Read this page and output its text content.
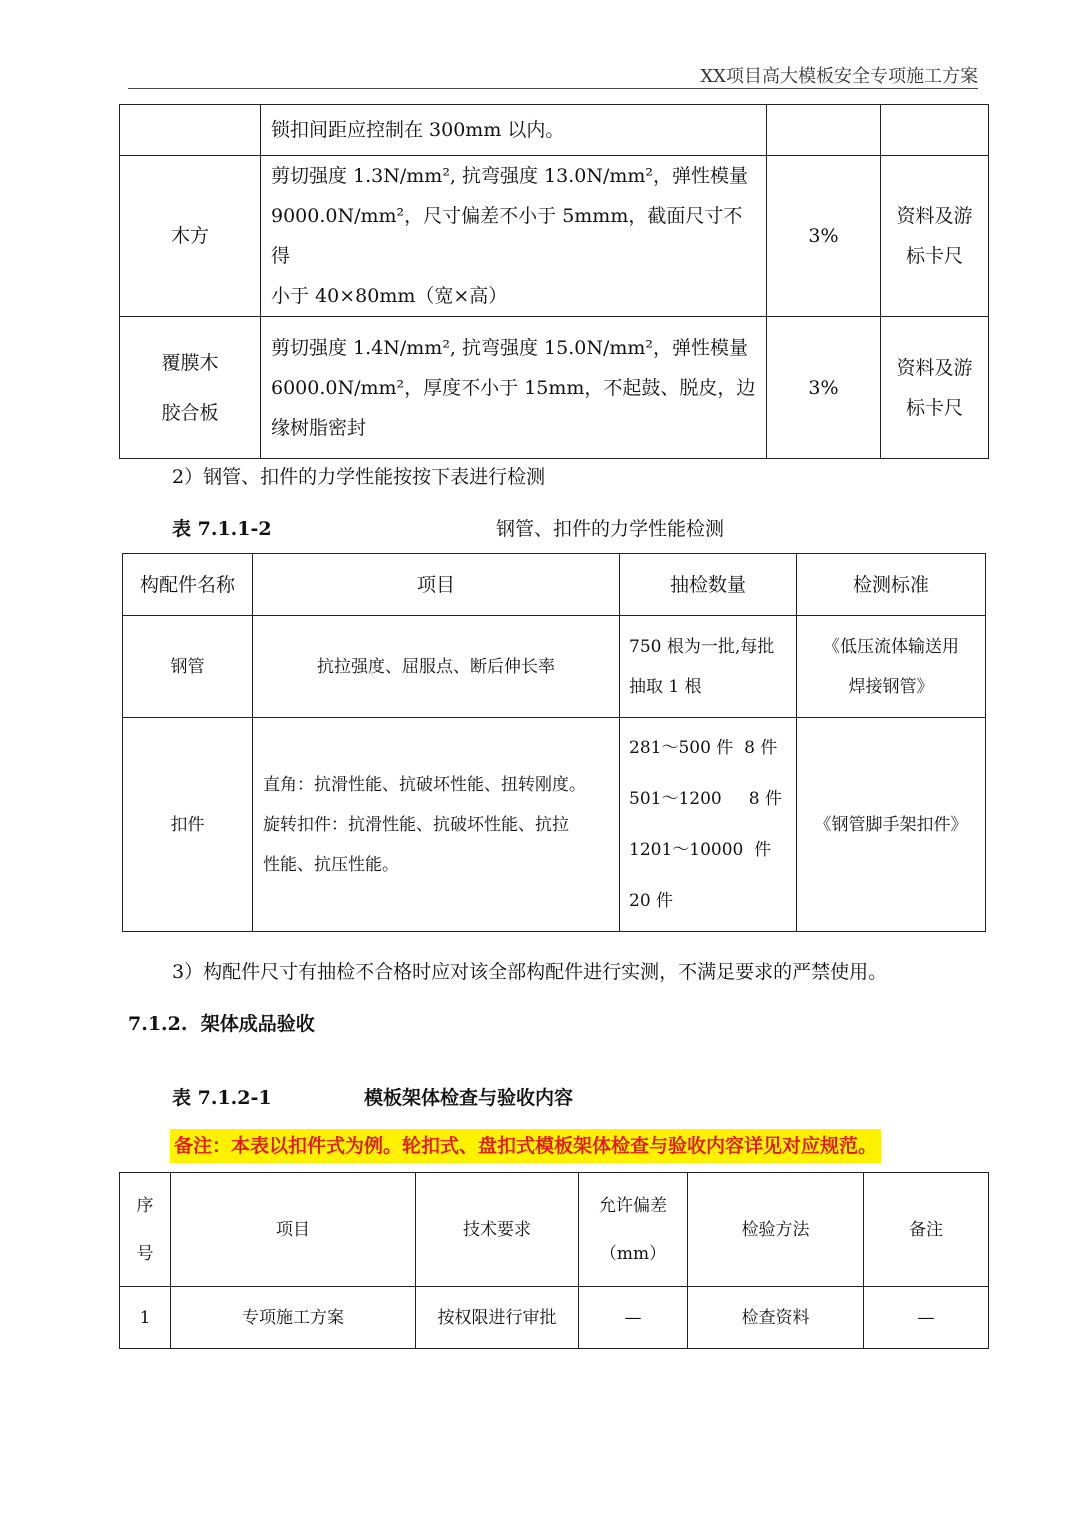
XX项目高大模板安全专项施工方案
	锁扣间距应控制在 300mm 以内。		
木方	剪切强度 1.3N/mm², 抗弯强度 13.0N/mm²，弹性模量
9000.0N/mm²，尺寸偏差不小于 5mmm，截面尺寸不得
小于 40×80mm（宽×高）	3%	资料及游
标卡尺

覆膜木
胶合板	剪切强度 1.4N/mm², 抗弯强度 15.0N/mm²，弹性模量
6000.0N/mm²，厚度不小于 15mm，不起鼓、脱皮，边
缘树脂密封	3%	资料及游
标卡尺
2）钢管、扣件的力学性能按按下表进行检测
表 7.1.1-2	钢管、扣件的力学性能检测
构配件名称	项目	抽检数量	检测标准
钢管	抗拉强度、屈服点、断后伸长率	750 根为一批,每批
抽取 1 根	《低压流体输送用
焊接钢管》

扣件	直角：抗滑性能、抗破坏性能、扭转刚度。
旋转扣件：抗滑性能、抗破坏性能、抗拉
性能、抗压性能。	281～500 件  8 件
501～1200     8 件
1201～10000  件
20 件	《钢管脚手架扣件》
3）构配件尺寸有抽检不合格时应对该全部构配件进行实测，不满足要求的严禁使用。
7.1.2. 架体成品验收
表 7.1.2-1	模板架体检查与验收内容
备注：本表以扣件式为例。轮扣式、盘扣式模板架体检查与验收内容详见对应规范。
序
号	项目	技术要求	允许偏差
（mm）	检验方法	备注
1	专项施工方案	按权限进行审批	—	检查资料	—
